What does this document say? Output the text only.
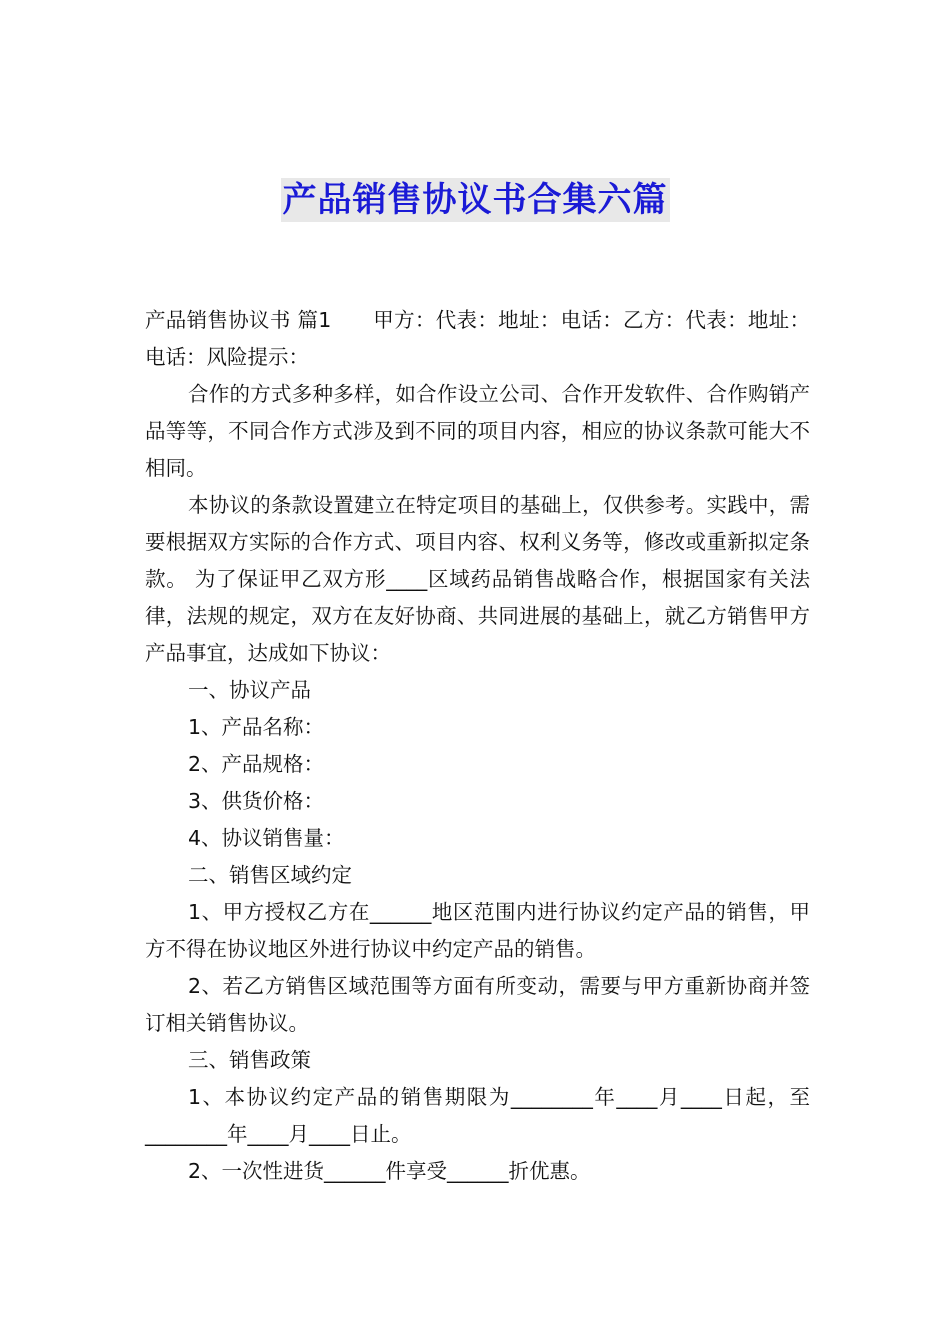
产品销售协议书合集六篇

产品销售协议书 篇1　　甲方：代表：地址：电话：乙方：代表：地址：电话：风险提示：

合作的方式多种多样，如合作设立公司、合作开发软件、合作购销产品等等，不同合作方式涉及到不同的项目内容，相应的协议条款可能大不相同。

本协议的条款设置建立在特定项目的基础上，仅供参考。实践中，需要根据双方实际的合作方式、项目内容、权利义务等，修改或重新拟定条款。 为了保证甲乙双方形____区域药品销售战略合作，根据国家有关法律，法规的规定，双方在友好协商、共同进展的基础上，就乙方销售甲方产品事宜，达成如下协议：

一、协议产品

1、产品名称：

2、产品规格：

3、供货价格：

4、协议销售量：

二、销售区域约定

1、甲方授权乙方在______地区范围内进行协议约定产品的销售，甲方不得在协议地区外进行协议中约定产品的销售。

2、若乙方销售区域范围等方面有所变动，需要与甲方重新协商并签订相关销售协议。

三、销售政策

1、本协议约定产品的销售期限为________年____月____日起，至________年____月____日止。

2、一次性进货______件享受______折优惠。
